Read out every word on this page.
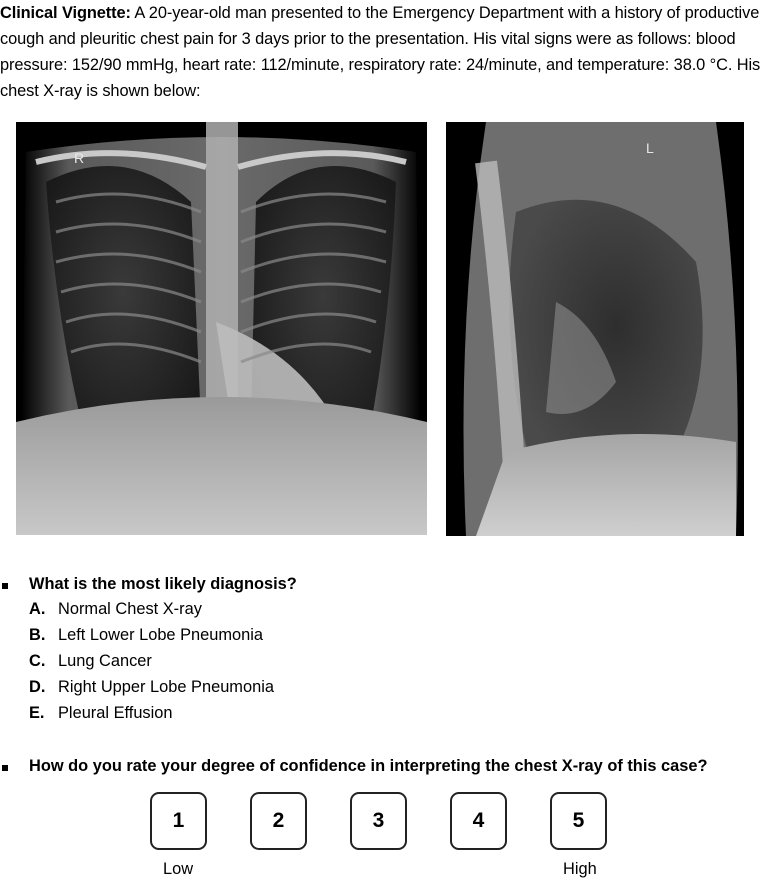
Clinical Vignette: A 20-year-old man presented to the Emergency Department with a history of productive cough and pleuritic chest pain for 3 days prior to the presentation. His vital signs were as follows: blood pressure: 152/90 mmHg, heart rate: 112/minute, respiratory rate: 24/minute, and temperature: 38.0 °C. His chest X-ray is shown below:
R
L
What is the most likely diagnosis?
A. Normal Chest X-ray
B. Left Lower Lobe Pneumonia
C. Lung Cancer
D. Right Upper Lobe Pneumonia
E. Pleural Effusion
How do you rate your degree of confidence in interpreting the chest X-ray of this case?
1	2	3	4	5
Low	High
